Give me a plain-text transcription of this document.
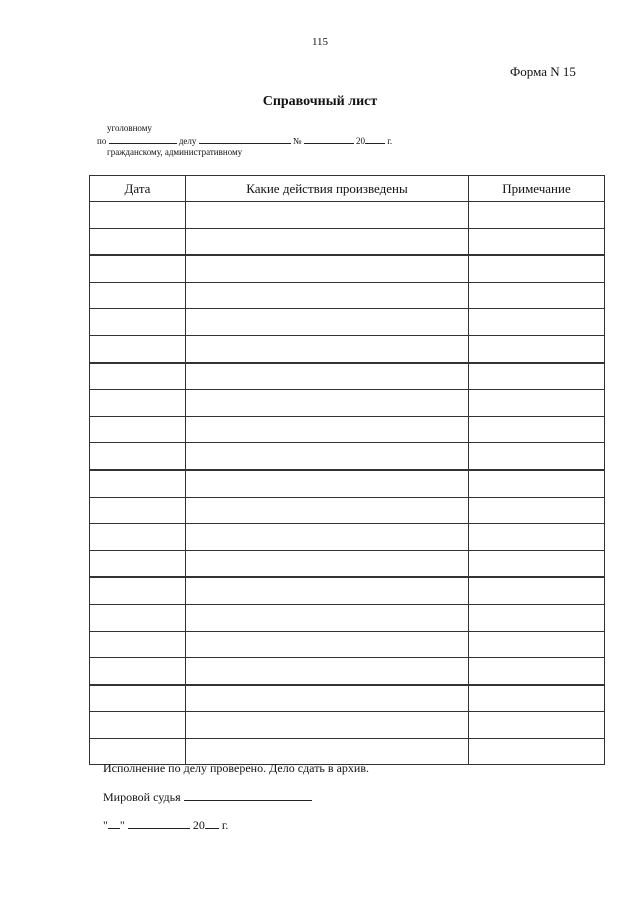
115
Форма N 15
Справочный лист
уголовному
по	делу	№	20 г.
гражданскому, административному
Дата	Какие действия произведены	Примечание

Исполнение по делу проверено. Дело сдать в архив.
Мировой судья
" "	20 г.
